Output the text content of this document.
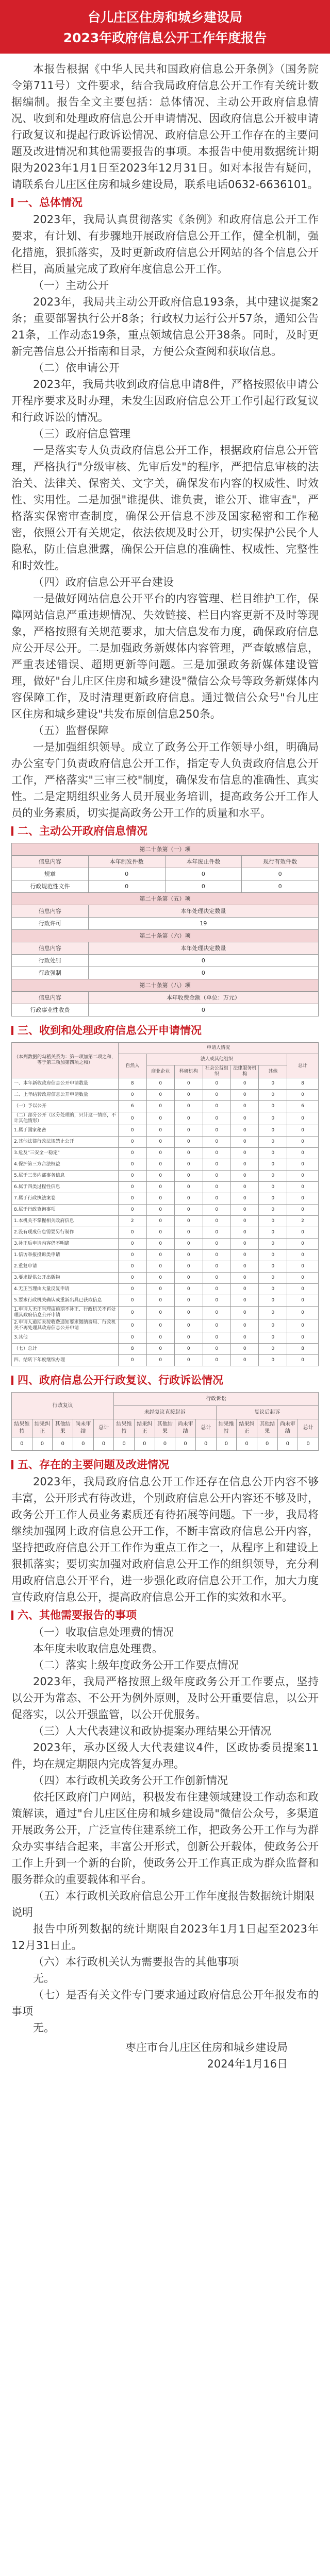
台儿庄区住房和城乡建设局
2023年政府信息公开工作年度报告

本报告根据《中华人民共和国政府信息公开条例》（国务院令第711号）文件要求，结合我局政府信息公开工作有关统计数据编制。报告全文主要包括：总体情况、主动公开政府信息情况、收到和处理政府信息公开申请情况、因政府信息公开被申请行政复议和提起行政诉讼情况、政府信息公开工作存在的主要问题及改进情况和其他需要报告的事项。本报告中使用数据统计期限为2023年1月1日至2023年12月31日。如对本报告有疑问，请联系台儿庄区住房和城乡建设局，联系电话0632-6636101。

一、总体情况

2023年，我局认真贯彻落实《条例》和政府信息公开工作要求，有计划、有步骤地开展政府信息公开工作，健全机制，强化措施，狠抓落实，及时更新政府信息公开网站的各个信息公开栏目，高质量完成了政府年度信息公开工作。

（一）主动公开

2023年，我局共主动公开政府信息193条，其中建议提案2条；重要部署执行公开8条；行政权力运行公开57条，通知公告21条，工作动态19条，重点领域信息公开38条。同时，及时更新完善信息公开指南和目录，方便公众查阅和获取信息。

（二）依申请公开

2023年，我局共收到政府信息申请8件，严格按照依申请公开程序要求及时办理，未发生因政府信息公开工作引起行政复议和行政诉讼的情况。

（三）政府信息管理

一是落实专人负责政府信息公开工作，根据政府信息公开管理，严格执行"分级审核、先审后发"的程序，严把信息审核的法治关、法律关、保密关、文字关，确保发布内容的权威性、时效性、实用性。二是加强"谁提供、谁负责，谁公开、谁审查"，严格落实保密审查制度，确保公开信息不涉及国家秘密和工作秘密，依照公开有关规定，依法依规及时公开，切实保护公民个人隐私，防止信息泄露，确保公开信息的准确性、权威性、完整性和时效性。

（四）政府信息公开平台建设

一是做好网站信息公开平台的内容管理、栏目维护工作，保障网站信息严重违规情况、失效链接、栏目内容更新不及时等现象，严格按照有关规范要求，加大信息发布力度，确保政府信息应公开尽公开。二是加强政务新媒体内容管理，严查敏感信息，严重表述错误、超期更新等问题。三是加强政务新媒体建设管理，做好"台儿庄区住房和城乡建设"微信公众号等政务新媒体内容保障工作，及时清理更新政府信息。通过微信公众号"台儿庄区住房和城乡建设"共发布原创信息250条。

（五）监督保障

一是加强组织领导。成立了政务公开工作领导小组，明确局办公室专门负责政府信息公开工作，指定专人负责政府信息公开工作，严格落实"三审三校"制度，确保发布信息的准确性、真实性。二是定期组织业务人员开展业务培训，提高政务公开工作人员的业务素质，切实提高政务公开工作的质量和水平。

二、主动公开政府信息情况
第二十条第（一）项			
信息内容	本年制发件数	本年废止件数	现行有效件数
规章	0	0	0
行政规范性文件	0	0	0
第二十条第（五）项			
信息内容	本年处理决定数量		
行政许可	19		
第二十条第（六）项			
信息内容	本年处理决定数量		
行政处罚	0		
行政强制	0		
第二十条第（八）项			
信息内容	本年收费金额（单位：万元）		
行政事业性收费	0		
三、收到和处理政府信息公开申请情况
（本列数据的勾稽关系为：第一项加第二项之和，等于第三项加第四项之和）	申请人情况						
	自然人	法人或其他组织					总计
		商业企业	科研机构	社会公益组织	法律服务机构	其他	
一、本年新收政府信息公开申请数量	8	0	0	0	0	0	8
二、上年结转政府信息公开申请数量	0	0	0	0	0	0	0
（一）予以公开	6	0	0	0	0	0	6
（二）部分公开（区分处理的，只计这一情形，不计其他情形）	0	0	0	0	0	0	0
1.属于国家秘密	0	0	0	0	0	0	0
2.其他法律行政法规禁止公开	0	0	0	0	0	0	0
3.危及"三安全一稳定"	0	0	0	0	0	0	0
4.保护第三方合法权益	0	0	0	0	0	0	0
5.属于三类内部事务信息	0	0	0	0	0	0	0
6.属于四类过程性信息	0	0	0	0	0	0	0
7.属于行政执法案卷	0	0	0	0	0	0	0
8.属于行政查询事项	0	0	0	0	0	0	0
1.本机关不掌握相关政府信息	2	0	0	0	0	0	2
2.没有现成信息需要另行制作	0	0	0	0	0	0	0
3.补正后申请内容仍不明确	0	0	0	0	0	0	0
1.信访举报投诉类申请	0	0	0	0	0	0	0
2.重复申请	0	0	0	0	0	0	0
3.要求提供公开出版物	0	0	0	0	0	0	0
4.无正当理由大量反复申请	0	0	0	0	0	0	0
5.要求行政机关确认或重新出具已获取信息	0	0	0	0	0	0	0
1.申请人无正当理由逾期不补正、行政机关不再处理其政府信息公开申请	0	0	0	0	0	0	0
2.申请人逾期未按收费通知要求缴纳费用、行政机关不再处理其政府信息公开申请	0	0	0	0	0	0	0
3.其他	0	0	0	0	0	0	0
（七）总计	8	0	0	0	0	0	8
四、结转下年度继续办理	0	0	0	0	0	0	0
四、政府信息公开行政复议、行政诉讼情况
行政复议					行政诉讼									
					未经复议直接起诉					复议后起诉				
结果维持	结果纠正	其他结果	尚未审结	总计	结果维持	结果纠正	其他结果	尚未审结	总计	结果维持	结果纠正	其他结果	尚未审结	总计
0	0	0	0	0	0	0	0	0	0	0	0	0	0	0
五、存在的主要问题及改进情况

2023年，我局政府信息公开工作还存在信息公开内容不够丰富，公开形式有待改进，个别政府信息公开内容还不够及时，政务公开工作人员业务素质还有待拓展等问题。下一步，我局将继续加强网上政府信息公开工作，不断丰富政府信息公开内容，坚持把政府信息公开工作作为重点工作之一，从程序上和建设上狠抓落实；要切实加强对政府信息公开工作的组织领导，充分利用政府信息公开平台，进一步强化政府信息公开工作，加大力度宣传政府信息公开，提高政府信息公开工作的实效和水平。

六、其他需要报告的事项

（一）收取信息处理费的情况

本年度未收取信息处理费。

（二）落实上级年度政务公开工作要点情况

2023年，我局严格按照上级年度政务公开工作要点，坚持以公开为常态、不公开为例外原则，及时公开重要信息，以公开促落实，以公开强监管，以公开优服务。

（三）人大代表建议和政协提案办理结果公开情况

2023年，承办区级人大代表建议4件，区政协委员提案11件，均在规定期限内完成答复办理。

（四）本行政机关政务公开工作创新情况

依托区政府门户网站，积极发布住建领域建设工作动态和政策解读，通过"台儿庄区住房和城乡建设局"微信公众号，多渠道开展政务公开，广泛宣传住建系统工作，把政务公开工作与为群众办实事结合起来，丰富公开形式，创新公开载体，使政务公开工作上升到一个新的台阶，使政务公开工作真正成为群众监督和服务群众的重要载体和平台。

（五）本行政机关政府信息公开工作年度报告数据统计期限说明

报告中所列数据的统计期限自2023年1月1日起至2023年12月31日止。

（六）本行政机关认为需要报告的其他事项

无。

（七）是否有关文件专门要求通过政府信息公开年报发布的事项

无。

枣庄市台儿庄区住房和城乡建设局

2024年1月16日
